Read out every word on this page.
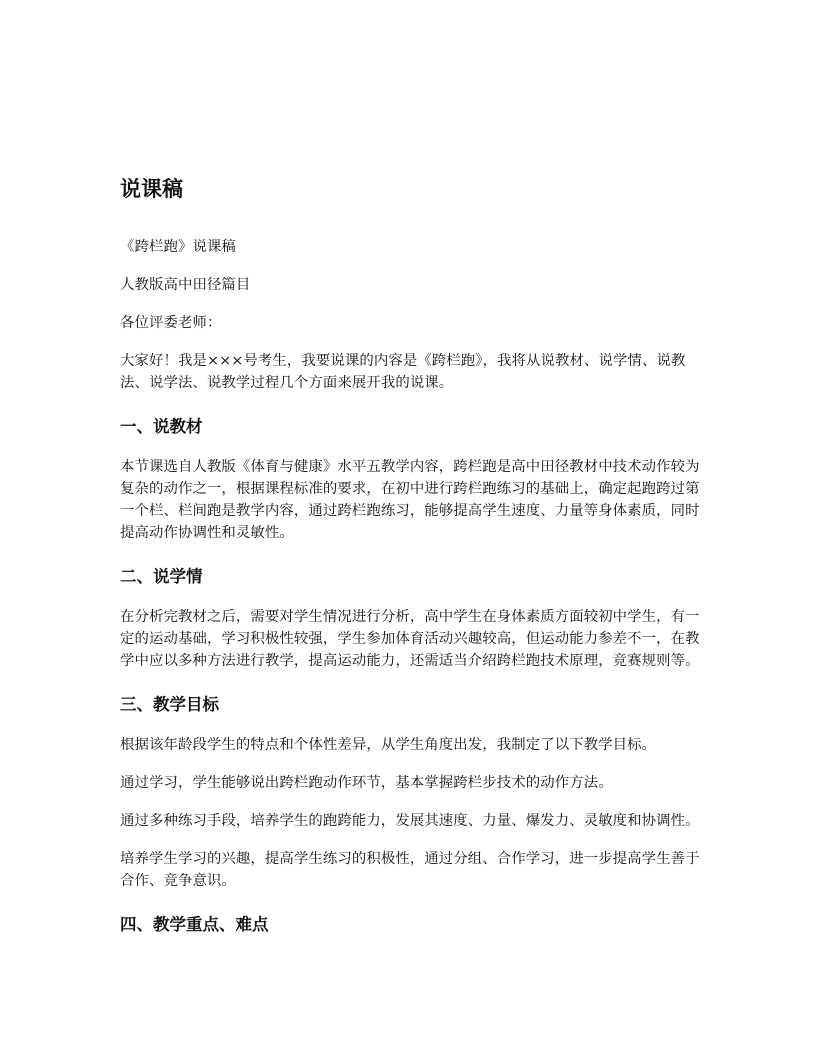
说课稿

《跨栏跑》说课稿

人教版高中田径篇目

各位评委老师：

大家好！我是×××号考生，我要说课的内容是《跨栏跑》，我将从说教材、说学情、说教法、说学法、说教学过程几个方面来展开我的说课。

一、说教材

本节课选自人教版《体育与健康》水平五教学内容，跨栏跑是高中田径教材中技术动作较为复杂的动作之一，根据课程标准的要求，在初中进行跨栏跑练习的基础上，确定起跑跨过第一个栏、栏间跑是教学内容，通过跨栏跑练习，能够提高学生速度、力量等身体素质，同时提高动作协调性和灵敏性。

二、说学情

在分析完教材之后，需要对学生情况进行分析，高中学生在身体素质方面较初中学生，有一定的运动基础，学习积极性较强，学生参加体育活动兴趣较高，但运动能力参差不一，在教学中应以多种方法进行教学，提高运动能力，还需适当介绍跨栏跑技术原理，竞赛规则等。

三、教学目标

根据该年龄段学生的特点和个体性差异，从学生角度出发，我制定了以下教学目标。

通过学习，学生能够说出跨栏跑动作环节，基本掌握跨栏步技术的动作方法。

通过多种练习手段，培养学生的跑跨能力，发展其速度、力量、爆发力、灵敏度和协调性。

培养学生学习的兴趣，提高学生练习的积极性，通过分组、合作学习，进一步提高学生善于合作、竞争意识。

四、教学重点、难点
